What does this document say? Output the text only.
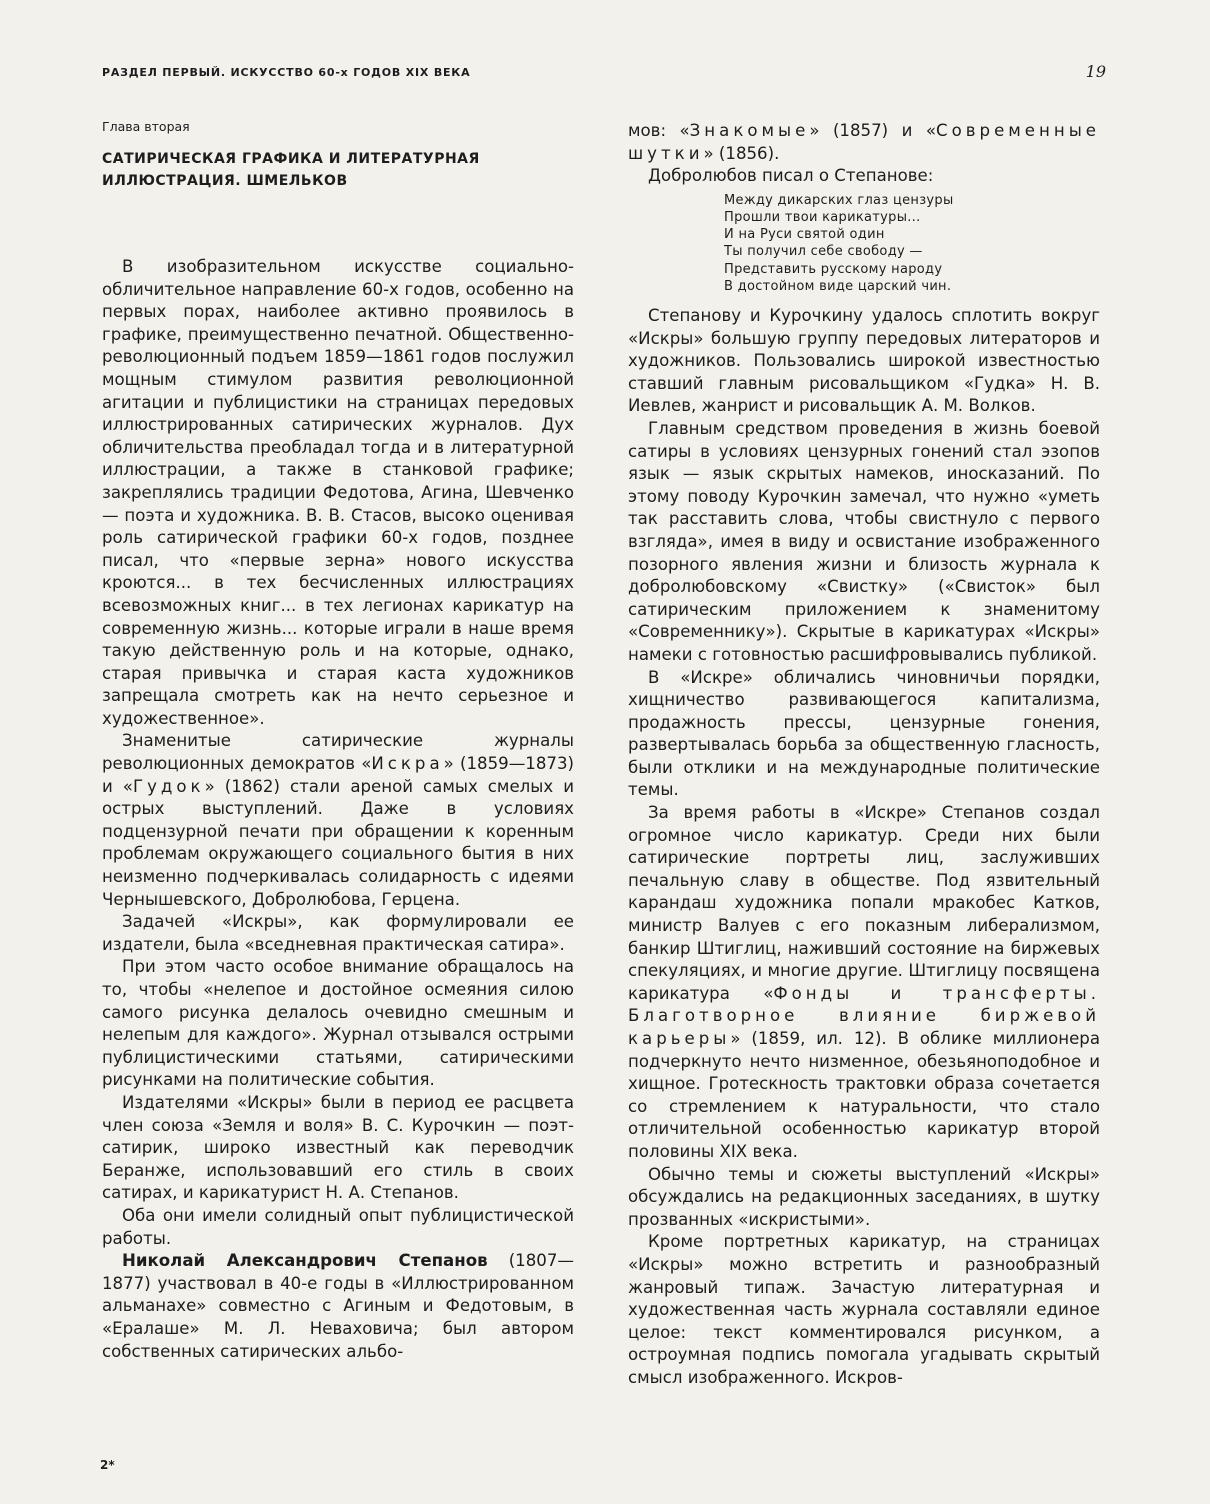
РАЗДЕЛ ПЕРВЫЙ. ИСКУССТВО 60-х ГОДОВ XIX ВЕКА	19
Глава вторая
САТИРИЧЕСКАЯ ГРАФИКА И ЛИТЕРАТУРНАЯ ИЛЛЮСТРАЦИЯ. ШМЕЛЬКОВ

В изобразительном искусстве социально-обличительное направление 60-х годов, особенно на первых порах, наиболее активно проявилось в графике, преимущественно печатной. Общественно-революционный подъем 1859—1861 годов послужил мощным стимулом развития революционной агитации и публицистики на страницах передовых иллюстрированных сатирических журналов. Дух обличительства преобладал тогда и в литературной иллюстрации, а также в станковой графике; закреплялись традиции Федотова, Агина, Шевченко — поэта и художника. В. В. Стасов, высоко оценивая роль сатирической графики 60-х годов, позднее писал, что «первые зерна» нового искусства кроются... в тех бесчисленных иллюстрациях всевозможных книг... в тех легионах карикатур на современную жизнь... которые играли в наше время такую действенную роль и на которые, однако, старая привычка и старая каста художников запрещала смотреть как на нечто серьезное и художественное».

Знаменитые сатирические журналы революционных демократов «Искра» (1859—1873) и «Гудок» (1862) стали ареной самых смелых и острых выступлений. Даже в условиях подцензурной печати при обращении к коренным проблемам окружающего социального бытия в них неизменно подчеркивалась солидарность с идеями Чернышевского, Добролюбова, Герцена.

Задачей «Искры», как формулировали ее издатели, была «вседневная практическая сатира».

При этом часто особое внимание обращалось на то, чтобы «нелепое и достойное осмеяния силою самого рисунка делалось очевидно смешным и нелепым для каждого». Журнал отзывался острыми публицистическими статьями, сатирическими рисунками на политические события.

Издателями «Искры» были в период ее расцвета член союза «Земля и воля» В. С. Курочкин — поэт-сатирик, широко известный как переводчик Беранже, использовавший его стиль в своих сатирах, и карикатурист Н. А. Степанов.

Оба они имели солидный опыт публицистической работы.

Николай Александрович Степанов (1807—1877) участвовал в 40-е годы в «Иллюстрированном альманахе» совместно с Агиным и Федотовым, в «Ералаше» М. Л. Неваховича; был автором собственных сатирических альбо-

мов: «Знакомые» (1857) и «Современные шутки» (1856).

Добролюбов писал о Степанове:

Между дикарских глаз цензуры
Прошли твои карикатуры...
И на Руси святой один
Ты получил себе свободу —
Представить русскому народу
В достойном виде царский чин.

Степанову и Курочкину удалось сплотить вокруг «Искры» большую группу передовых литераторов и художников. Пользовались широкой известностью ставший главным рисовальщиком «Гудка» Н. В. Иевлев, жанрист и рисовальщик А. М. Волков.

Главным средством проведения в жизнь боевой сатиры в условиях цензурных гонений стал эзопов язык — язык скрытых намеков, иносказаний. По этому поводу Курочкин замечал, что нужно «уметь так расставить слова, чтобы свистнуло с первого взгляда», имея в виду и освистание изображенного позорного явления жизни и близость журнала к добролюбовскому «Свистку» («Свисток» был сатирическим приложением к знаменитому «Современнику»). Скрытые в карикатурах «Искры» намеки с готовностью расшифровывались публикой.

В «Искре» обличались чиновничьи порядки, хищничество развивающегося капитализма, продажность прессы, цензурные гонения, развертывалась борьба за общественную гласность, были отклики и на международные политические темы.

За время работы в «Искре» Степанов создал огромное число карикатур. Среди них были сатирические портреты лиц, заслуживших печальную славу в обществе. Под язвительный карандаш художника попали мракобес Катков, министр Валуев с его показным либерализмом, банкир Штиглиц, наживший состояние на биржевых спекуляциях, и многие другие. Штиглицу посвящена карикатура «Фонды и трансферты. Благотворное влияние биржевой карьеры» (1859, ил. 12). В облике миллионера подчеркнуто нечто низменное, обезьяноподобное и хищное. Гротескность трактовки образа сочетается со стремлением к натуральности, что стало отличительной особенностью карикатур второй половины XIX века.

Обычно темы и сюжеты выступлений «Искры» обсуждались на редакционных заседаниях, в шутку прозванных «искристыми».

Кроме портретных карикатур, на страницах «Искры» можно встретить и разнообразный жанровый типаж. Зачастую литературная и художественная часть журнала составляли единое целое: текст комментировался рисунком, а остроумная подпись помогала угадывать скрытый смысл изображенного. Искров-

2*
